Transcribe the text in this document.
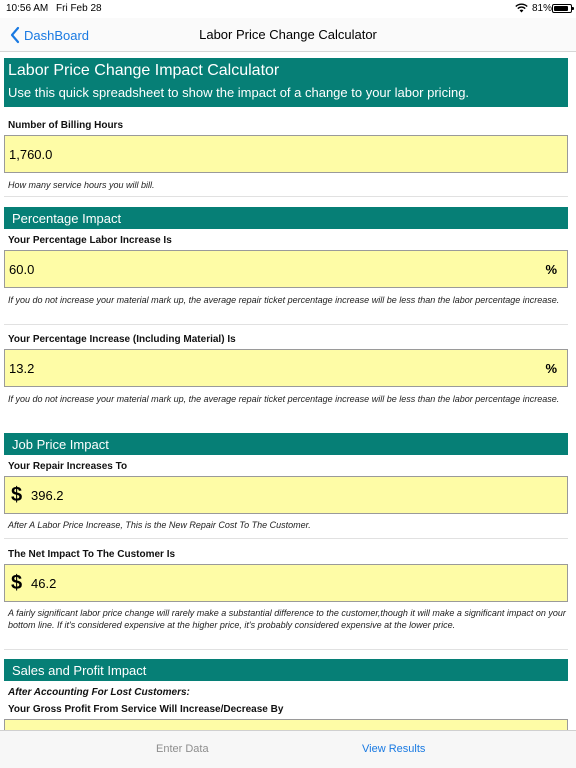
10:56 AM Fri Feb 28	81%
DashBoard	Labor Price Change Calculator
Labor Price Change Impact Calculator
Use this quick spreadsheet to show the impact of a change to your labor pricing.
Number of Billing Hours
1,760.0
How many service hours you will bill.
Percentage Impact
Your Percentage Labor Increase Is
60.0	%
If you do not increase your material mark up, the average repair ticket percentage increase will be less than the labor percentage increase.
Your Percentage Increase (Including Material) Is
13.2	%
If you do not increase your material mark up, the average repair ticket percentage increase will be less than the labor percentage increase.
Job Price Impact
Your Repair Increases To
$ 396.2
After A Labor Price Increase, This is the New Repair Cost To The Customer.
The Net Impact To The Customer Is
$ 46.2
A fairly significant labor price change will rarely make a substantial difference to the customer,though it will make a significant impact on your bottom line. If it's considered expensive at the higher price, it's probably considered expensive at the lower price.
Sales and Profit Impact
After Accounting For Lost Customers:
Your Gross Profit From Service Will Increase/Decrease By
Enter Data	View Results
